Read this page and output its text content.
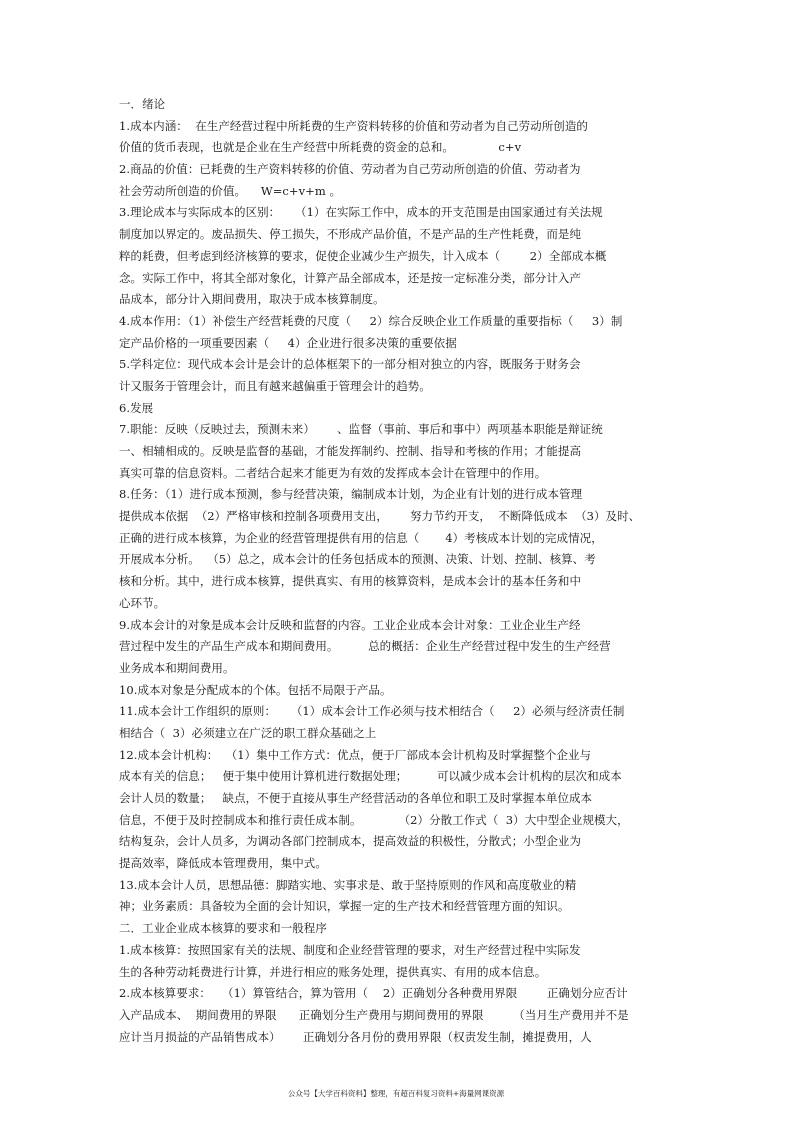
一．绪论
1.成本内涵：  在生产经营过程中所耗费的生产资料转移的价值和劳动者为自己劳动所创造的
价值的货币表现，也就是企业在生产经营中所耗费的资金的总和。            c+v
2.商品的价值：已耗费的生产资料转移的价值、劳动者为自己劳动所创造的价值、劳动者为
社会劳动所创造的价值。    W=c+v+m 。
3.理论成本与实际成本的区别：    （1）在实际工作中，成本的开支范围是由国家通过有关法规
制度加以界定的。废品损失、停工损失，不形成产品价值，不是产品的生产性耗费，而是纯
粹的耗费，但考虑到经济核算的要求，促使企业减少生产损失，计入成本（        2）全部成本概
念。实际工作中，将其全部对象化，计算产品全部成本，还是按一定标准分类，部分计入产
品成本，部分计入期间费用，取决于成本核算制度。
4.成本作用：（1）补偿生产经营耗费的尺度（     2）综合反映企业工作质量的重要指标（     3）制
定产品价格的一项重要因素（     4）企业进行很多决策的重要依据
5.学科定位：现代成本会计是会计的总体框架下的一部分相对独立的内容，既服务于财务会
计又服务于管理会计，而且有越来越偏重于管理会计的趋势。
6.发展
7.职能：反映（反映过去，预测未来）      、监督（事前、事后和事中）两项基本职能是辩证统
一、相辅相成的。反映是监督的基础，才能发挥制约、控制、指导和考核的作用；才能提高
真实可靠的信息资料。二者结合起来才能更为有效的发挥成本会计在管理中的作用。
8.任务：（1）进行成本预测，参与经营决策，编制成本计划，为企业有计划的进行成本管理
提供成本依据  （2）严格审核和控制各项费用支出，      努力节约开支，  不断降低成本  （3）及时、
正确的进行成本核算，为企业的经营管理提供有用的信息（       4）考核成本计划的完成情况，
开展成本分析。  （5）总之，成本会计的任务包括成本的预测、决策、计划、控制、核算、考
核和分析。其中，进行成本核算，提供真实、有用的核算资料，是成本会计的基本任务和中
心环节。
9.成本会计的对象是成本会计反映和监督的内容。工业企业成本会计对象：工业企业生产经
营过程中发生的产品生产成本和期间费用。        总的概括：企业生产经营过程中发生的生产经营
业务成本和期间费用。
10.成本对象是分配成本的个体。包括不局限于产品。
11.成本会计工作组织的原则：    （1）成本会计工作必须与技术相结合（     2）必须与经济责任制
相结合（  3）必须建立在广泛的职工群众基础之上
12.成本会计机构：  （1）集中工作方式：优点，便于厂部成本会计机构及时掌握整个企业与
成本有关的信息；   便于集中使用计算机进行数据处理；        可以减少成本会计机构的层次和成本
会计人员的数量；   缺点，不便于直接从事生产经营活动的各单位和职工及时掌握本单位成本
信息，不便于及时控制成本和推行责任成本制。          （2）分散工作式（  3）大中型企业规模大，
结构复杂，会计人员多，为调动各部门控制成本，提高效益的积极性，分散式；小型企业为
提高效率，降低成本管理费用，集中式。
13.成本会计人员，思想品德：脚踏实地、实事求是、敢于坚持原则的作风和高度敬业的精
神；业务素质：具备较为全面的会计知识，掌握一定的生产技术和经营管理方面的知识。
二．工业企业成本核算的要求和一般程序
1.成本核算：按照国家有关的法规、制度和企业经营管理的要求，对生产经营过程中实际发
生的各种劳动耗费进行计算，并进行相应的账务处理，提供真实、有用的成本信息。
2.成本核算要求：   （1）算管结合，算为管用（    2）正确划分各种费用界限        正确划分应否计
入产品成本、  期间费用的界限      正确划分生产费用与期间费用的界限        （当月生产费用并不是
应计当月损益的产品销售成本）      正确划分各月份的费用界限（权责发生制，摊提费用，人
公众号【大学百科资料】整理，有超百科复习资料+海量网课资源
